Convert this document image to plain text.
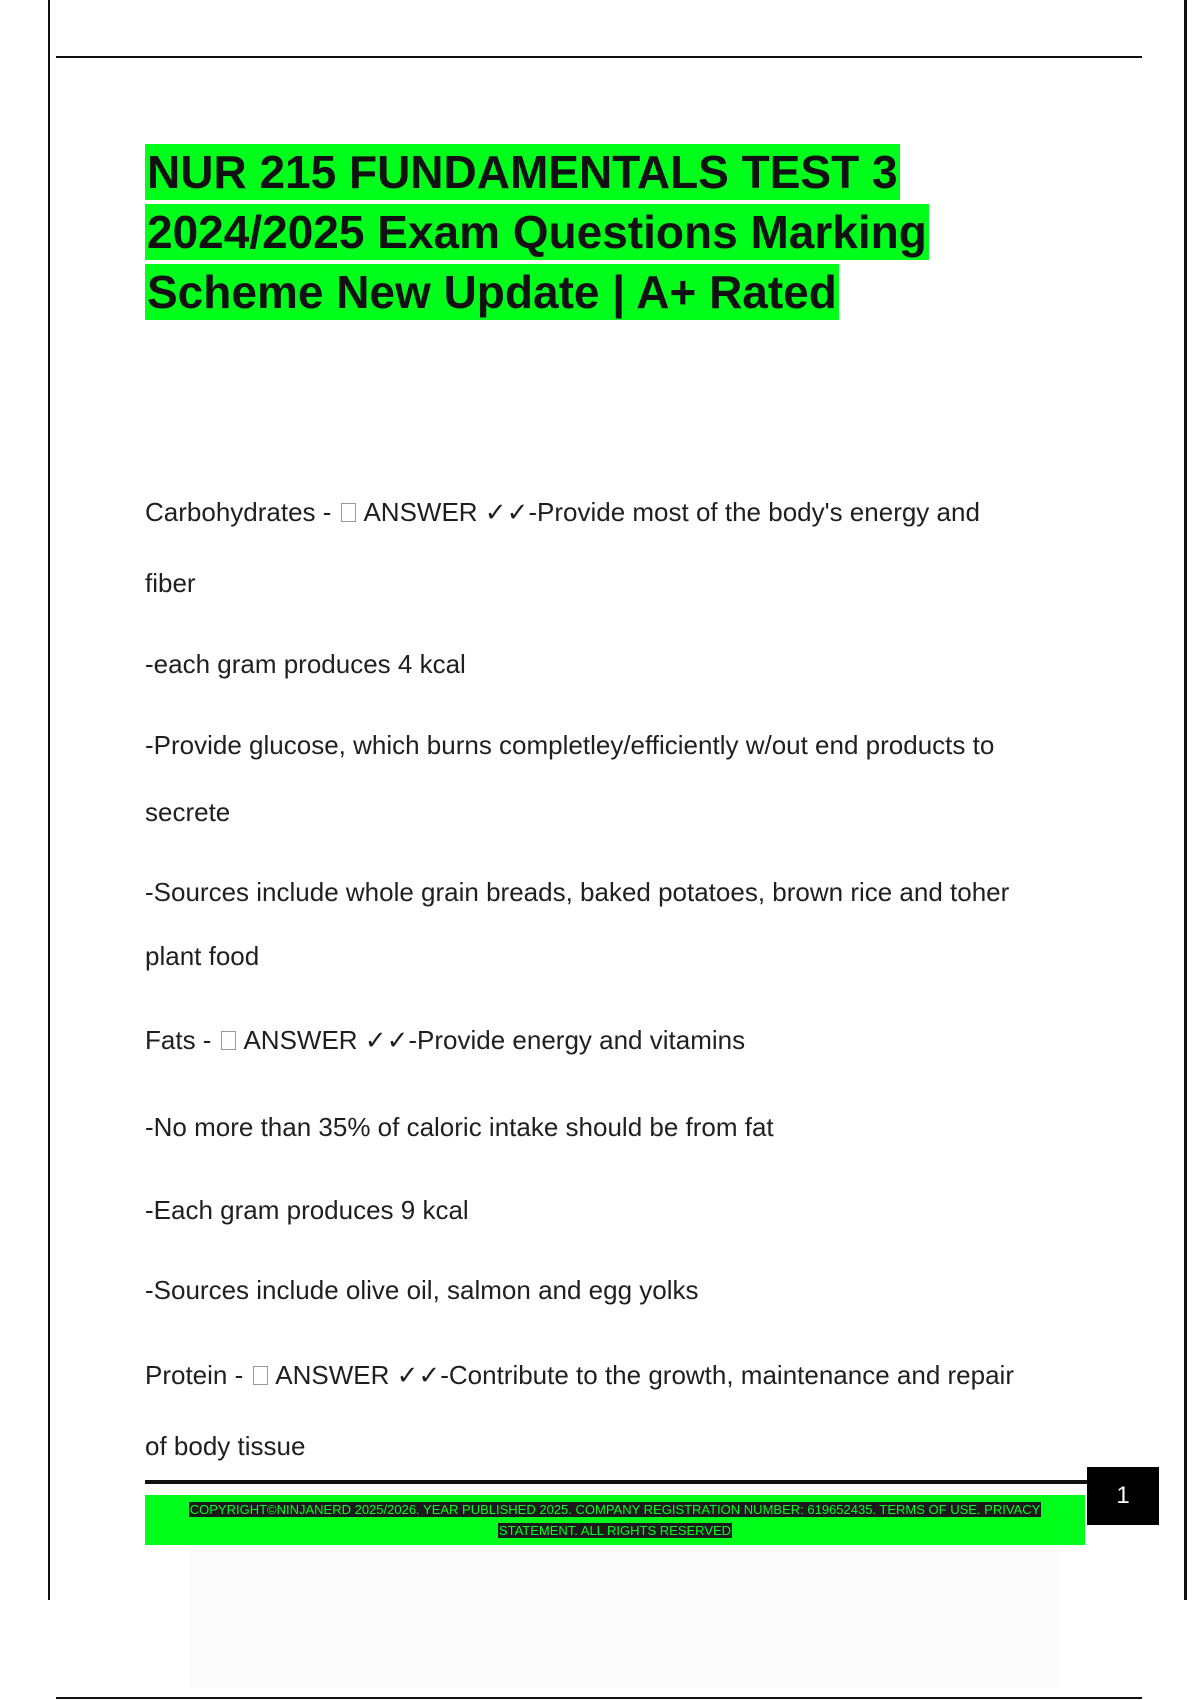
NUR 215 FUNDAMENTALS TEST 3
2024/2025 Exam Questions Marking
Scheme New Update | A+ Rated

Carbohydrates -  ANSWER ✓✓-Provide most of the body's energy and
fiber

-each gram produces 4 kcal

-Provide glucose, which burns completley/efficiently w/out end products to
secrete

-Sources include whole grain breads, baked potatoes, brown rice and toher
plant food

Fats -  ANSWER ✓✓-Provide energy and vitamins

-No more than 35% of caloric intake should be from fat

-Each gram produces 9 kcal

-Sources include olive oil, salmon and egg yolks

Protein -  ANSWER ✓✓-Contribute to the growth, maintenance and repair
of body tissue

COPYRIGHT©NINJANERD 2025/2026. YEAR PUBLISHED 2025. COMPANY REGISTRATION NUMBER: 619652435. TERMS OF USE. PRIVACY
STATEMENT. ALL RIGHTS RESERVED
1
